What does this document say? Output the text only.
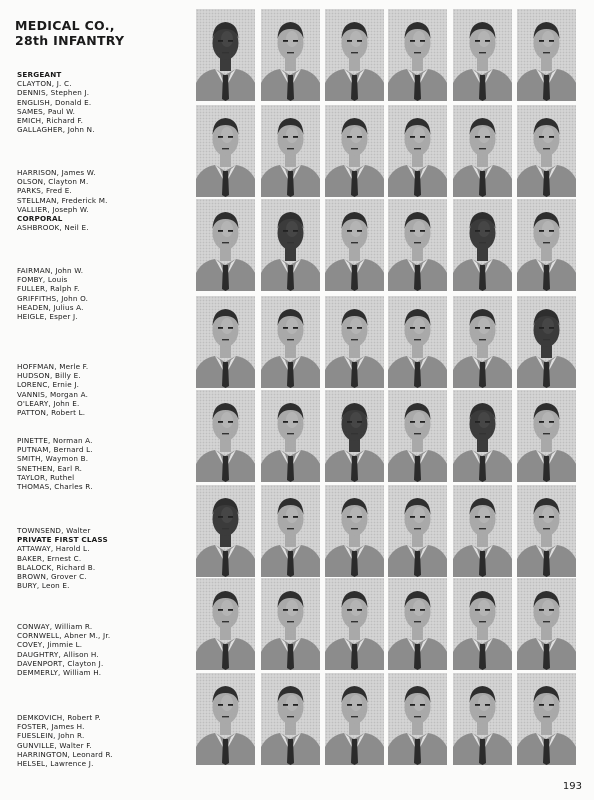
MEDICAL CO.,
28th INFANTRY
SERGEANT
CLAYTON, J. C.
DENNIS, Stephen J.
ENGLISH, Donald E.
SAMES, Paul W.
EMICH, Richard F.
GALLAGHER, John N.
HARRISON, James W.
OLSON, Clayton M.
PARKS, Fred E.
STELLMAN, Frederick M.
VALLIER, Joseph W.
CORPORAL
ASHBROOK, Neil E.
FAIRMAN, John W.
FOMBY, Louis
FULLER, Ralph F.
GRIFFITHS, John O.
HEADEN, Julius A.
HEIGLE, Esper J.
HOFFMAN, Merle F.
HUDSON, Billy E.
LORENC, Ernie J.
VANNIS, Morgan A.
O'LEARY, John E.
PATTON, Robert L.
PINETTE, Norman A.
PUTNAM, Bernard L.
SMITH, Waymon B.
SNETHEN, Earl R.
TAYLOR, Ruthel
THOMAS, Charles R.
TOWNSEND, Walter
PRIVATE FIRST CLASS
ATTAWAY, Harold L.
BAKER, Ernest C.
BLALOCK, Richard B.
BROWN, Grover C.
BURY, Leon E.
CONWAY, William R.
CORNWELL, Abner M., Jr.
COVEY, Jimmie L.
DAUGHTRY, Allison H.
DAVENPORT, Clayton J.
DEMMERLY, William H.
DEMKOVICH, Robert P.
FOSTER, James H.
FUESLEIN, John R.
GUNVILLE, Walter F.
HARRINGTON, Leonard R.
HELSEL, Lawrence J.
193
